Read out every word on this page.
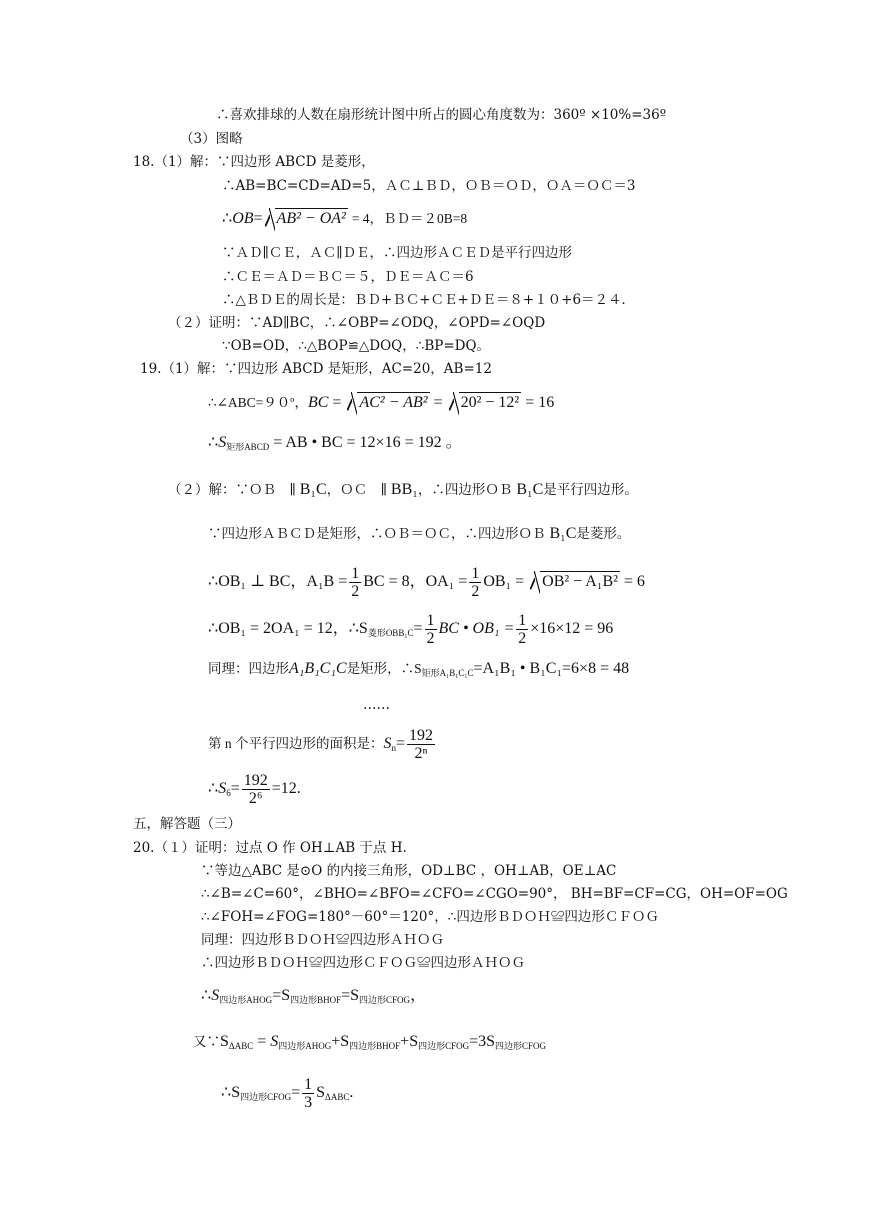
∴喜欢排球的人数在扇形统计图中所占的圆心角度数为：360º ×10%=36º
（3）图略
18.（1）解：∵四边形 ABCD 是菱形，
∴AB=BC=CD=AD=5，ＡＣ⊥ＢＤ，ＯＢ＝ＯＤ，ＯＡ＝ＯＣ＝3
∴OB= AB² − OA² = 4，ＢＤ＝２0B=8
∵ＡＤ∥ＣＥ，ＡＣ∥ＤＥ，∴四边形ＡＣＥＤ是平行四边形
∴ＣＥ＝ＡＤ＝ＢＣ＝５，ＤＥ＝ＡＣ＝6
∴△ＢＤＥ的周长是：ＢＤ+ＢＣ+ＣＥ+ＤＥ＝８+１０+6＝２４．
（２）证明：∵AD∥BC，∴∠OBP=∠ODQ，∠OPD=∠OQD
∵OB=OD，∴△BOP≌△DOQ，∴BP=DQ。
19.（1）解：∵四边形 ABCD 是矩形，AC=20，AB=12
∴∠ABC=９０º，BC = AC² − AB² = 20² − 12² = 16
$\therefore S_{矩形ABCD}$ = AB • BC = 12×16 = 192 。
（２）解：∵ＯＢ　∥ B₁C，ＯＣ　∥ BB₁，∴四边形ＯＢ B₁C是平行四边形。
∵四边形ＡＢＣＤ是矩形，∴ＯＢ＝ＯＣ，∴四边形ＯＢ B₁C是菱形。
∴OB₁ ⊥ BC，$A_1B = \frac{1}{2}$ BC = 8，$OA_1 = \frac{1}{2} OB_1 = OB^2 - A_1B^2 = 6$
∴OB₁ = 2OA₁ = 12，$\therefore S_{菱形OBB_1C}= \frac{1}{2}$ BC • $OB_1 = \frac{1}{2} \times 16\times 12 = 96$
同理：四边形A₁B₁C₁C是矩形，$\therefore S_{矩形A_1B_1C_1C}=A_1B_1$ • B₁C₁=6×8 = 48
……
第 n 个平行四边形的面积是：$S_n= \frac{192}{\text{2ⁿ}}$
$\therefore S_6= \frac{192}{\text{2⁶}} =12$.
五，解答题（三）
20.（１）证明：过点 O 作 OH⊥AB 于点 H.
∵等边△ABC 是⊙O 的内接三角形，OD⊥BC ，OH⊥AB，OE⊥AC
∴∠B=∠C=60°，∠BHO=∠BFO=∠CFO=∠CGO=90°， BH=BF=CF=CG，OH=OF=OG
∴∠FOH=∠FOG=180°－60°＝120°，∴四边形ＢＤＯＨ≌四边形ＣＦＯＧ
同理：四边形ＢＤＯＨ≌四边形ＡＨＯＧ
∴四边形ＢＤＯＨ≌四边形ＣＦＯＧ≌四边形ＡＨＯＧ
$\therefore S_{四边形AHOG}=S_{四边形BHOF}=S_{四边形CFOG}$，
又$\because S_{\Delta ABC} = S_{四边形AHOG}+S_{四边形BHOF}+S_{四边形CFOG}=3S_{四边形CFOG}$
$\therefore S_{四边形CFOG}= \frac{1}{3} S_{\Delta ABC}$.
